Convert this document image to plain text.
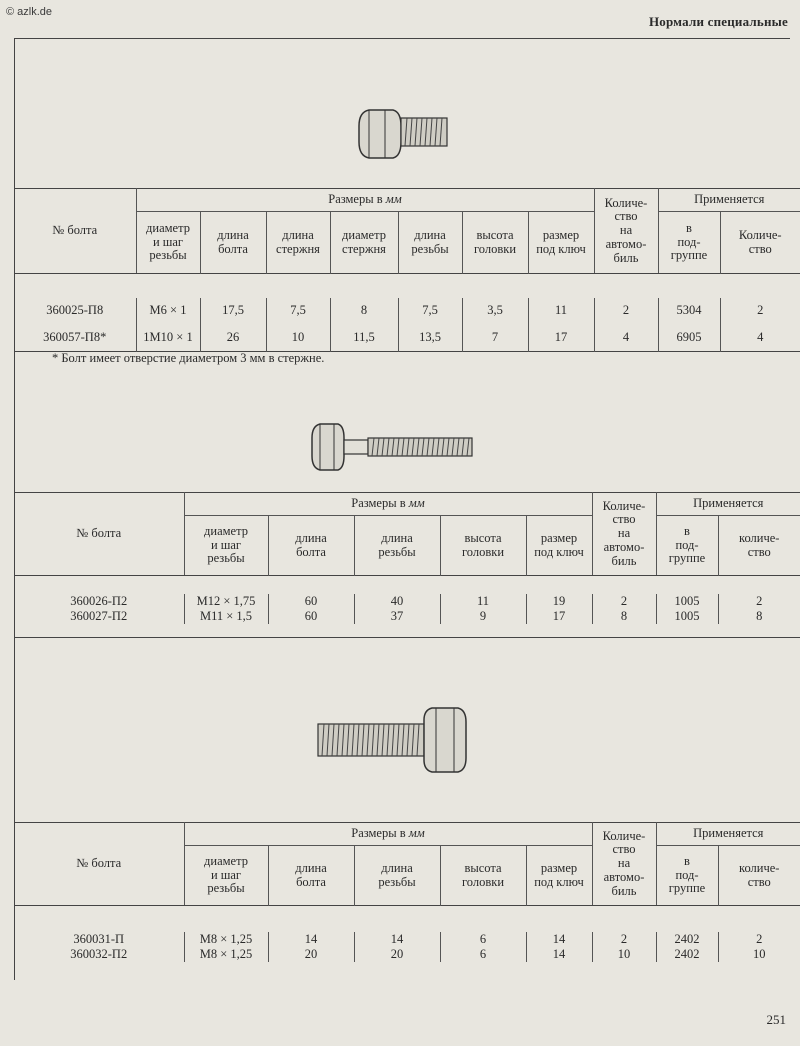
© azlk.de
Нормали специальные
№ болта	Размеры в мм							Количе-
ство
на
автомо-
биль	Применяется	

	диаметр
и шаг
резьбы	длина
болта	длина
стержня	диаметр
стержня	длина
резьбы	высота
головки	размер
под ключ		в
под-
группе	Количе-
ство

360025-П8	М6 × 1	17,5	7,5	8	7,5	3,5	11	2	5304	2
360057-П8*	1М10 × 1	26	10	11,5	13,5	7	17	4	6905	4
* Болт имеет отверстие диаметром 3 мм в стержне.
№ болта	Размеры в мм					Количе-
ство
на
автомо-
биль	Применяется	

	диаметр
и шаг
резьбы	длина
болта	длина
резьбы	высота
головки	размер
под ключ		в
под-
группе	количе-
ство

360026-П2	М12 × 1,75	60	40	11	19	2	1005	2
360027-П2	М11 × 1,5	60	37	9	17	8	1005	8

№ болта	Размеры в мм					Количе-
ство
на
автомо-
биль	Применяется	

	диаметр
и шаг
резьбы	длина
болта	длина
резьбы	высота
головки	размер
под ключ		в
под-
группе	количе-
ство

360031-П	М8 × 1,25	14	14	6	14	2	2402	2
360032-П2	М8 × 1,25	20	20	6	14	10	2402	10

251
